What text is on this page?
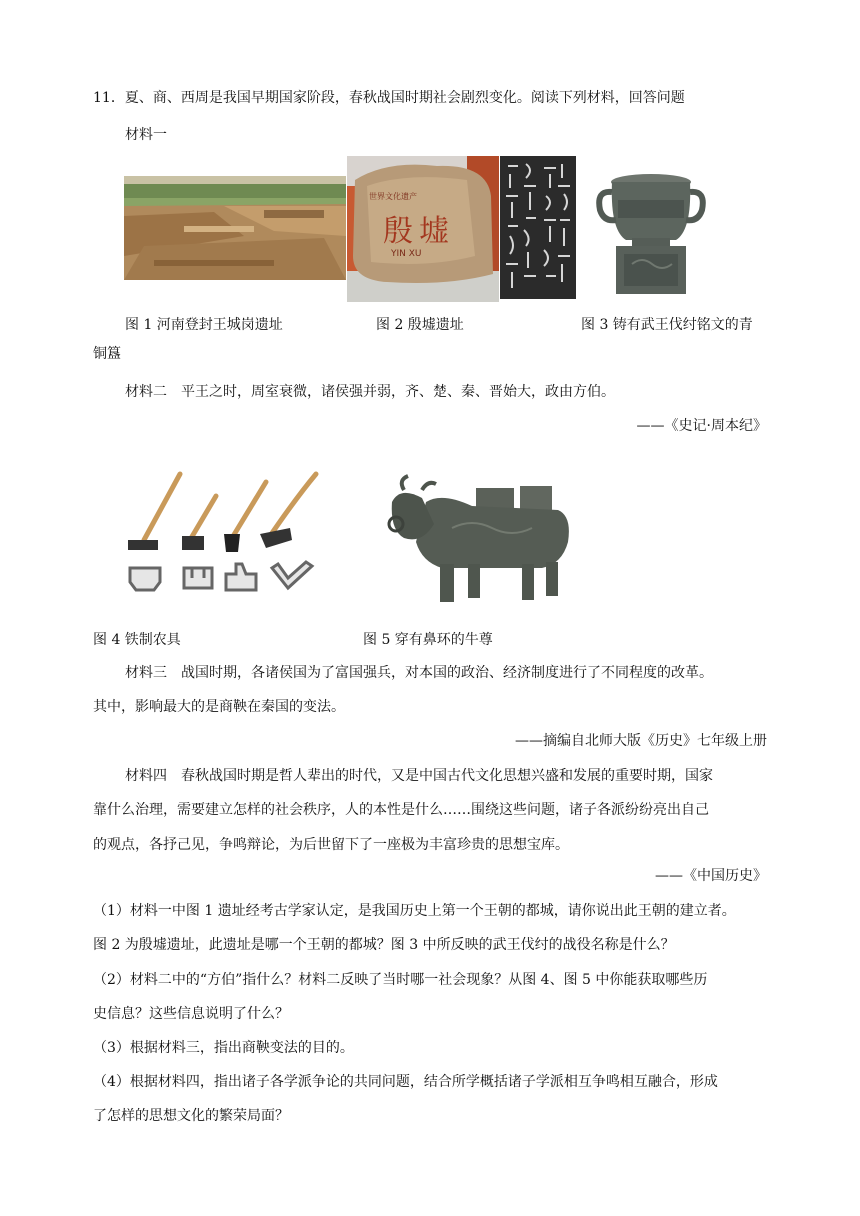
11．夏、商、西周是我国早期国家阶段，春秋战国时期社会剧烈变化。阅读下列材料，回答问题
材料一
世界文化遗产
殷墟
YIN XU
图 1 河南登封王城岗遗址	图 2 殷墟遗址	图 3 铸有武王伐纣铭文的青
铜簋
材料二　平王之时，周室衰微，诸侯强并弱，齐、楚、秦、晋始大，政由方伯。
——《史记·周本纪》
图 4 铁制农具	图 5 穿有鼻环的牛尊
材料三　战国时期，各诸侯国为了富国强兵，对本国的政治、经济制度进行了不同程度的改革。
其中，影响最大的是商鞅在秦国的变法。
——摘编自北师大版《历史》七年级上册
材料四　春秋战国时期是哲人辈出的时代，又是中国古代文化思想兴盛和发展的重要时期，国家
靠什么治理，需要建立怎样的社会秩序，人的本性是什么……围绕这些问题，诸子各派纷纷亮出自己
的观点，各抒己见，争鸣辩论，为后世留下了一座极为丰富珍贵的思想宝库。
——《中国历史》
（1）材料一中图 1 遗址经考古学家认定，是我国历史上第一个王朝的都城，请你说出此王朝的建立者。
图 2 为殷墟遗址，此遗址是哪一个王朝的都城？图 3 中所反映的武王伐纣的战役名称是什么？
（2）材料二中的“方伯”指什么？材料二反映了当时哪一社会现象？从图 4、图 5 中你能获取哪些历
史信息？这些信息说明了什么？
（3）根据材料三，指出商鞅变法的目的。
（4）根据材料四，指出诸子各学派争论的共同问题，结合所学概括诸子学派相互争鸣相互融合，形成
了怎样的思想文化的繁荣局面？
